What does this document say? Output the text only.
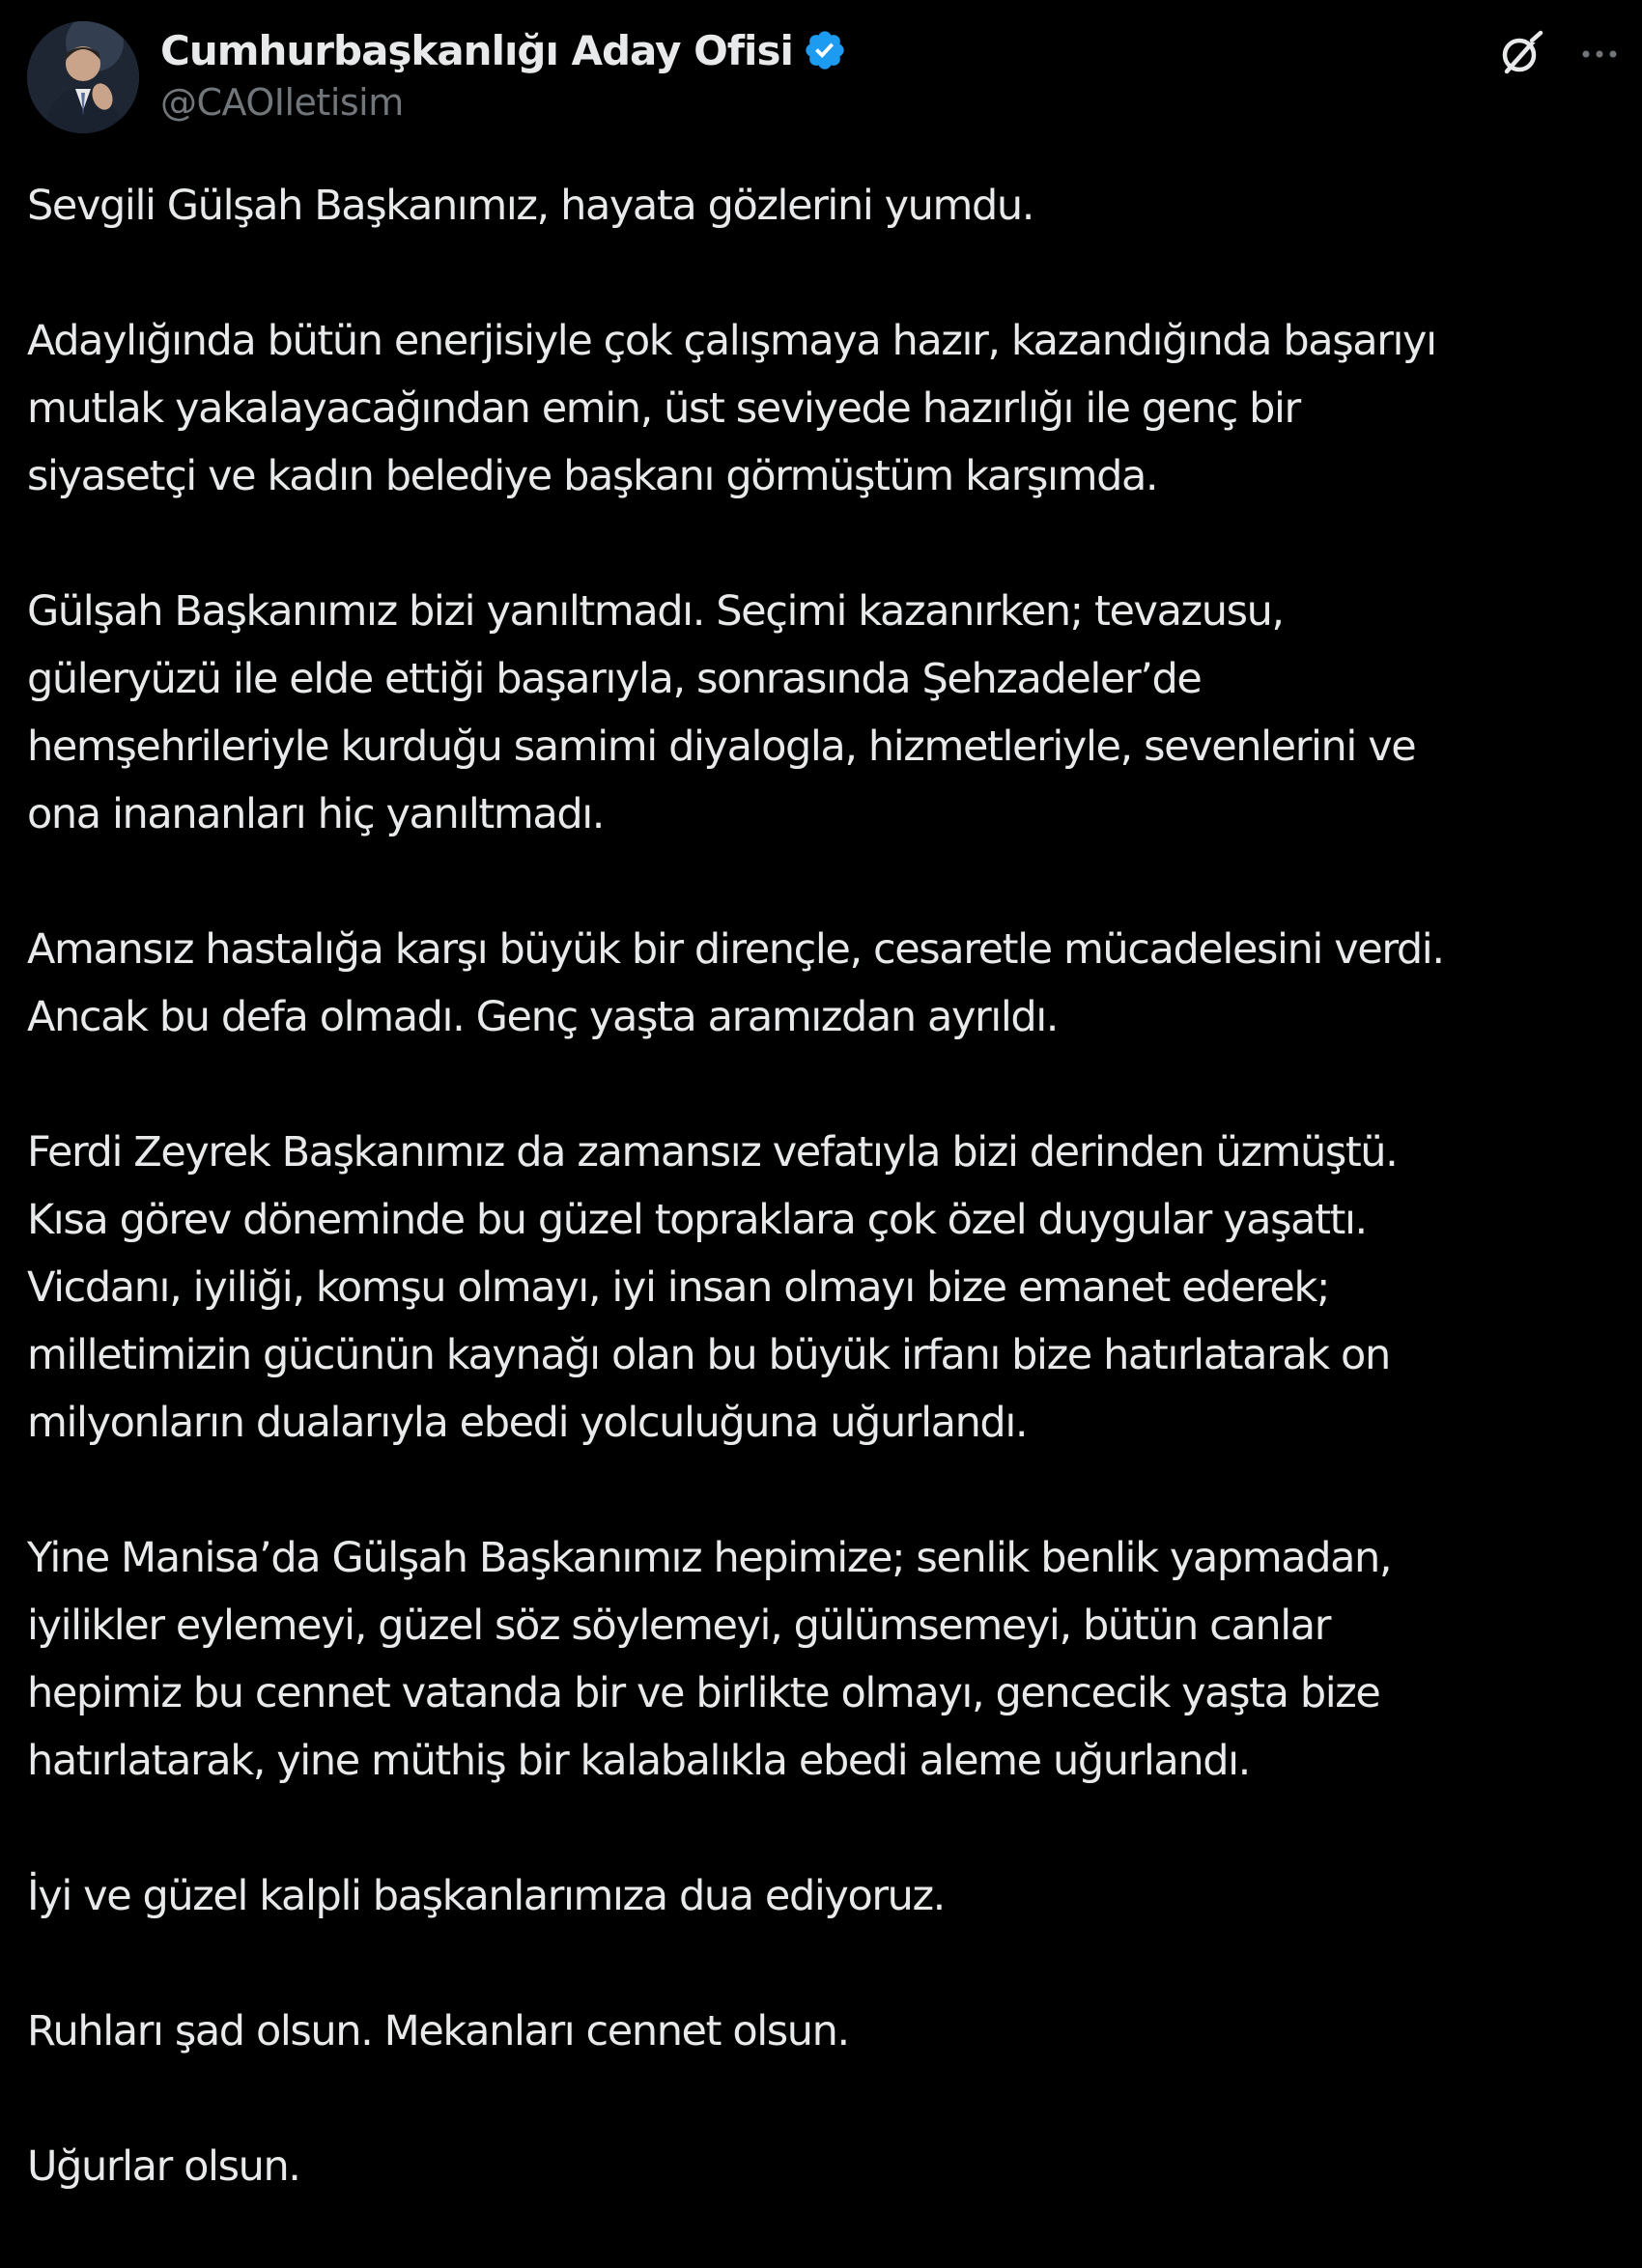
Cumhurbaşkanlığı Aday Ofisi
@CAOIletisim

Sevgili Gülşah Başkanımız, hayata gözlerini yumdu.

Adaylığında bütün enerjisiyle çok çalışmaya hazır, kazandığında başarıyı
mutlak yakalayacağından emin, üst seviyede hazırlığı ile genç bir
siyasetçi ve kadın belediye başkanı görmüştüm karşımda.

Gülşah Başkanımız bizi yanıltmadı. Seçimi kazanırken; tevazusu,
güleryüzü ile elde ettiği başarıyla, sonrasında Şehzadeler’de
hemşehrileriyle kurduğu samimi diyalogla, hizmetleriyle, sevenlerini ve
ona inananları hiç yanıltmadı.

Amansız hastalığa karşı büyük bir dirençle, cesaretle mücadelesini verdi.
Ancak bu defa olmadı. Genç yaşta aramızdan ayrıldı.

Ferdi Zeyrek Başkanımız da zamansız vefatıyla bizi derinden üzmüştü.
Kısa görev döneminde bu güzel topraklara çok özel duygular yaşattı.
Vicdanı, iyiliği, komşu olmayı, iyi insan olmayı bize emanet ederek;
milletimizin gücünün kaynağı olan bu büyük irfanı bize hatırlatarak on
milyonların dualarıyla ebedi yolculuğuna uğurlandı.

Yine Manisa’da Gülşah Başkanımız hepimize; senlik benlik yapmadan,
iyilikler eylemeyi, güzel söz söylemeyi, gülümsemeyi, bütün canlar
hepimiz bu cennet vatanda bir ve birlikte olmayı, gencecik yaşta bize
hatırlatarak, yine müthiş bir kalabalıkla ebedi aleme uğurlandı.

İyi ve güzel kalpli başkanlarımıza dua ediyoruz.

Ruhları şad olsun. Mekanları cennet olsun.

Uğurlar olsun.
